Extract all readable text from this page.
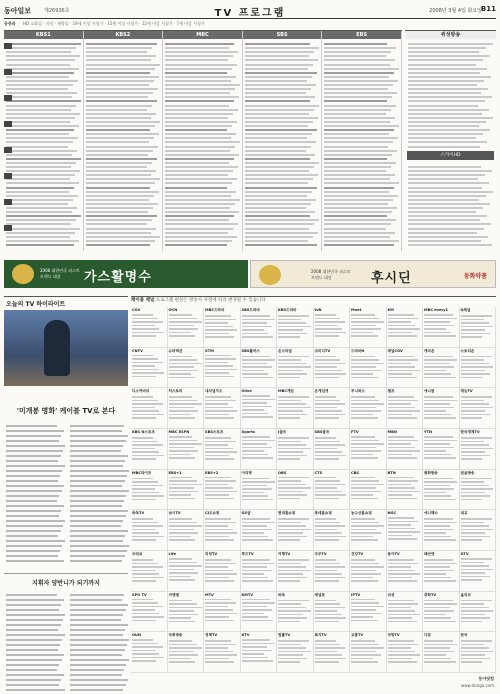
동아일보	제26936호	TV 프로그램	2008년 3월 4일 화요일
B11
공중파 HD 고화질 · 자막 · 재방송 · 19세 이상 시청가 · 15세 이상 시청가 · 12세 이상 시청가 · 7세 이상 시청가
KBS1	KBS2	MBC	SBS	EBS	위성방송
스카이HD
2008 대한민국 퍼스트브랜드 대상	가스활명수	2008 대한민국 퍼스트브랜드 대상	후시딘	동화약품
오늘의 TV 하이라이트
'미개봉 명화' 케이블 TV로 본다
지휘자 양반니가 되기까지
케이블 채널 프로그램 편성은 방송사 사정에 따라 변경될 수 있습니다
CGV	OCN	MBC드라마	SBS드라마	KBS드라마	tvN	Mnet	KM	MBC every1	Q채널
CNTV	슈퍼액션	XTM	SBS플러스	온스타일	코미디TV	드라마H	채널CGV	캐치온	스토리온
디스커버리	히스토리	내셔널지오	Olive	MBC게임	온게임넷	투니버스	챔프	애니원	재능TV
KBS N스포츠	MBC ESPN	SBS스포츠	Xports	J골프	SBS골프	FTV	MBN	YTN	한국경제TV
MBC라이프	EBS+1	EBS+2	아리랑	OBS	CTS	CBS	BTN	평화방송	원음방송
바둑TV	낚시TV	CJ오쇼핑	GS샵	현대홈쇼핑	롯데홈쇼핑	농수산홈쇼핑	NGC	애니맥스	대교
브라보	Life	리빙TV	푸드TV	여행TV	주부TV	건강TV	동아TV	패션앤	GTV
SPO TV	씨앤앰	MTV	KMTV	바둑	채널뷰	IPTV	위성	중화TV	올리브
OUN	국회방송	정책TV	KTV	법률TV	복지TV	교통TV	국방TV	다큐	한국
동아닷컴
www.donga.com
